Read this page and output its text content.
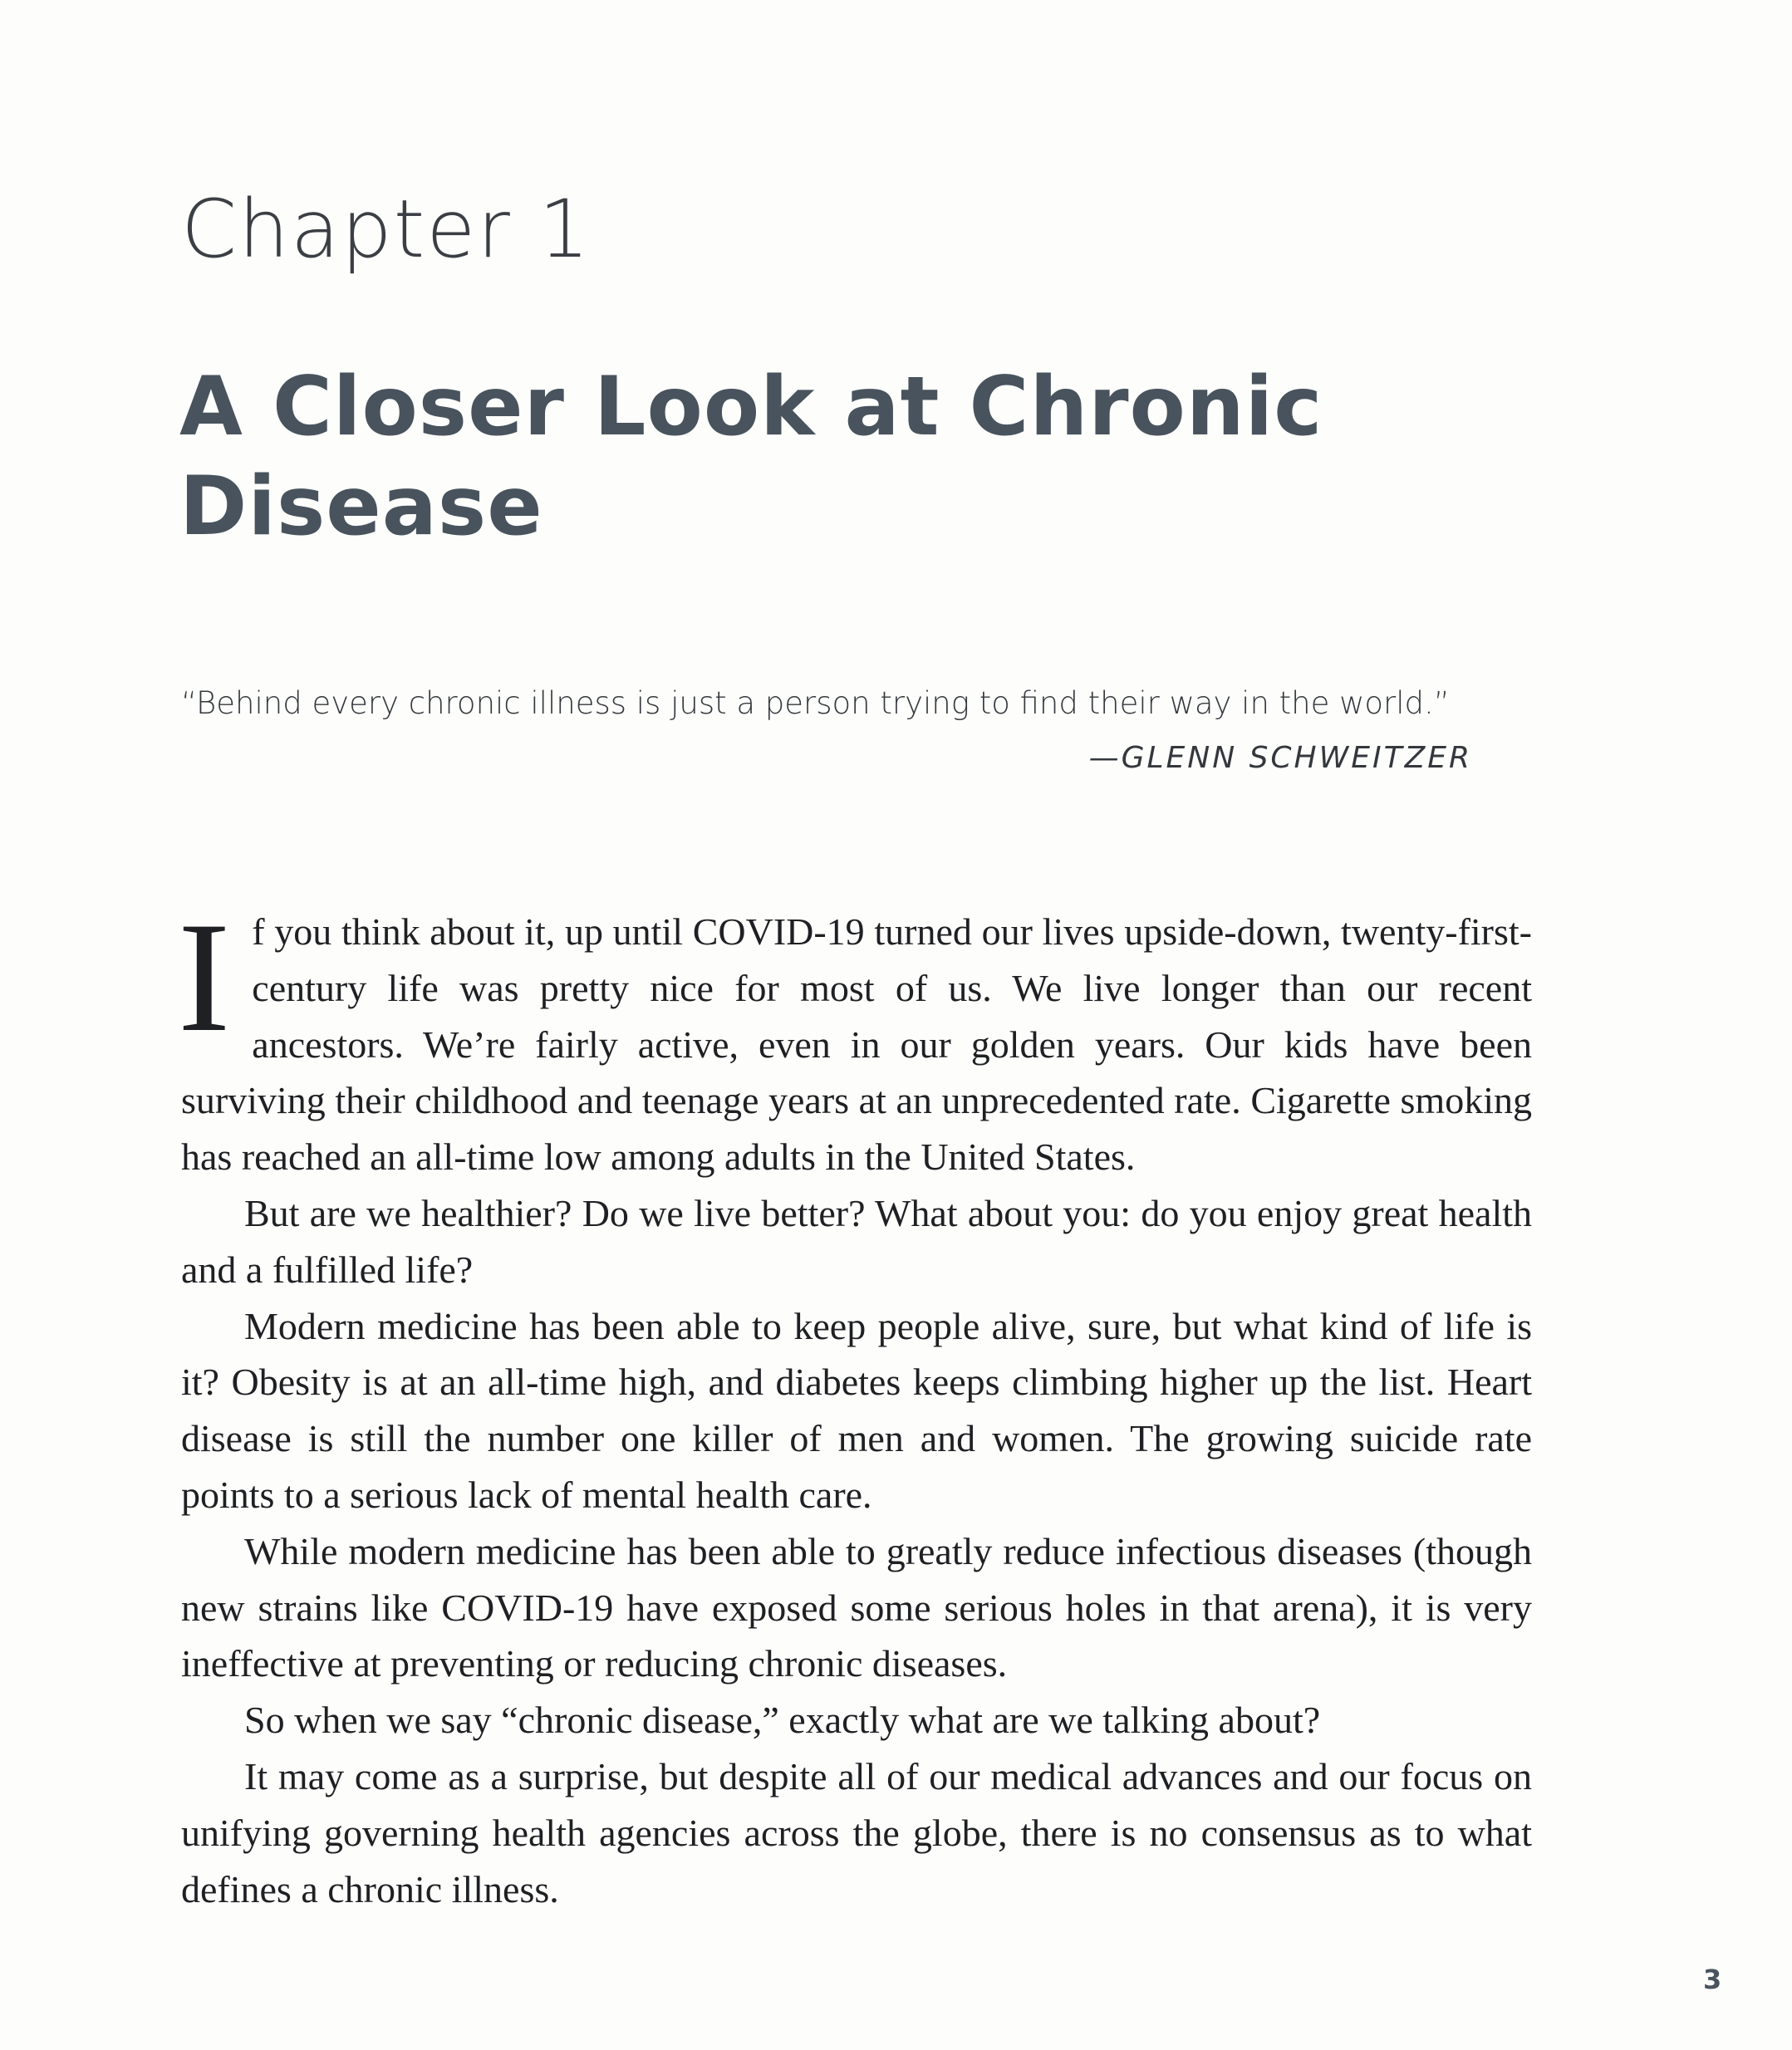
Chapter 1
A Closer Look at Chronic Disease
“Behind every chronic illness is just a person trying to find their way in the world.”
—GLENN SCHWEITZER

If you think about it, up until COVID-19 turned our lives upside-down, twenty-first-century life was pretty nice for most of us. We live longer than our recent ancestors. We’re fairly active, even in our golden years. Our kids have been surviving their childhood and teenage years at an unprecedented rate. Cigarette smoking has reached an all-time low among adults in the United States.

But are we healthier? Do we live better? What about you: do you enjoy great health and a fulfilled life?

Modern medicine has been able to keep people alive, sure, but what kind of life is it? Obesity is at an all-time high, and diabetes keeps climbing higher up the list. Heart disease is still the number one killer of men and women. The growing suicide rate points to a serious lack of mental health care.

While modern medicine has been able to greatly reduce infectious diseases (though new strains like COVID-19 have exposed some serious holes in that arena), it is very ineffective at preventing or reducing chronic diseases.

So when we say “chronic disease,” exactly what are we talking about?

It may come as a surprise, but despite all of our medical advances and our focus on unifying governing health agencies across the globe, there is no consensus as to what defines a chronic illness.

3
